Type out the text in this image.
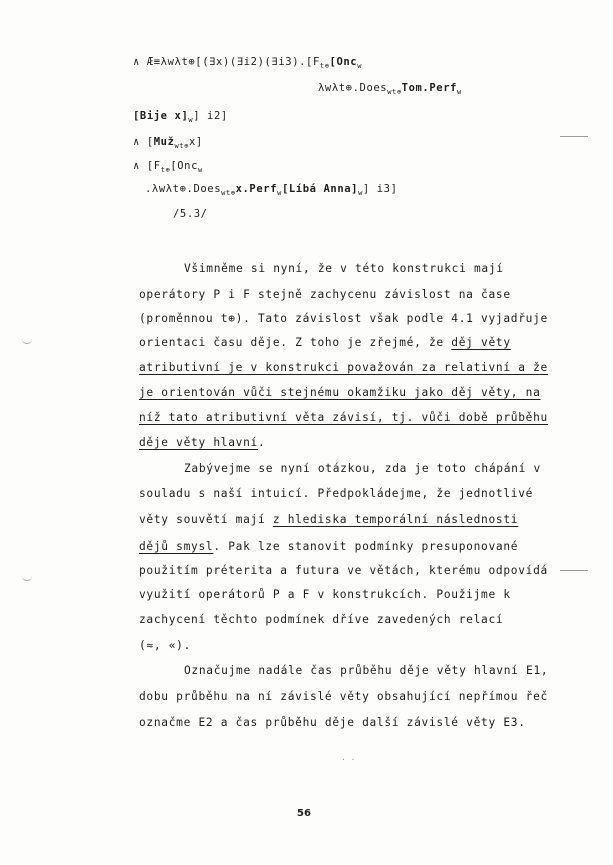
∧ $Æ\equiv\lambda w\lambda t\oplus[(\exists x)(\exists i2)(\exists i3).[F_{t\oplus}[Onc_w$
λwλt⊕.Does$_{wt\oplus}$Tom.Perf$_w$
[Bije $x]_w$] i2]
∧ [Muž$_{wt\oplus}$x]
∧ [$F_{t\oplus}[Onc_w$
.λwλt⊕.Does$_{wt\oplus}$x.Perf$_w$[Líbá $Anna]_w$] i3]
/5.3/
Všimněme si nyní, že v této konstrukci mají
operátory P i F stejně zachycenu závislost na čase
(proměnnou t⊕). Tato závislost však podle 4.1 vyjadřuje
orientaci času děje. Z toho je zřejmé, že děj věty
atributivní je v konstrukci považován za relativní a že
je orientován vůči stejnému okamžiku jako děj věty, na
níž tato atributivní věta závisí, tj. vůči době průběhu
děje věty hlavní.
Zabývejme se nyní otázkou, zda je toto chápání v
souladu s naší intuicí. Předpokládejme, že jednotlivé
věty souvětí mají z hlediska temporální následnosti
dějů smysl. Pak lze stanovit podmínky presuponované
použitím préterita a futura ve větách, kterému odpovídá
využití operátorů P a F v konstrukcích. Použijme k
zachycení těchto podmínek dříve zavedených relací
(≈, «).
Označujme nadále čas průběhu děje věty hlavní E1,
dobu průběhu na ní závislé věty obsahující nepřímou řeč
označme E2 a čas průběhu děje další závislé věty E3.
· ·
56
